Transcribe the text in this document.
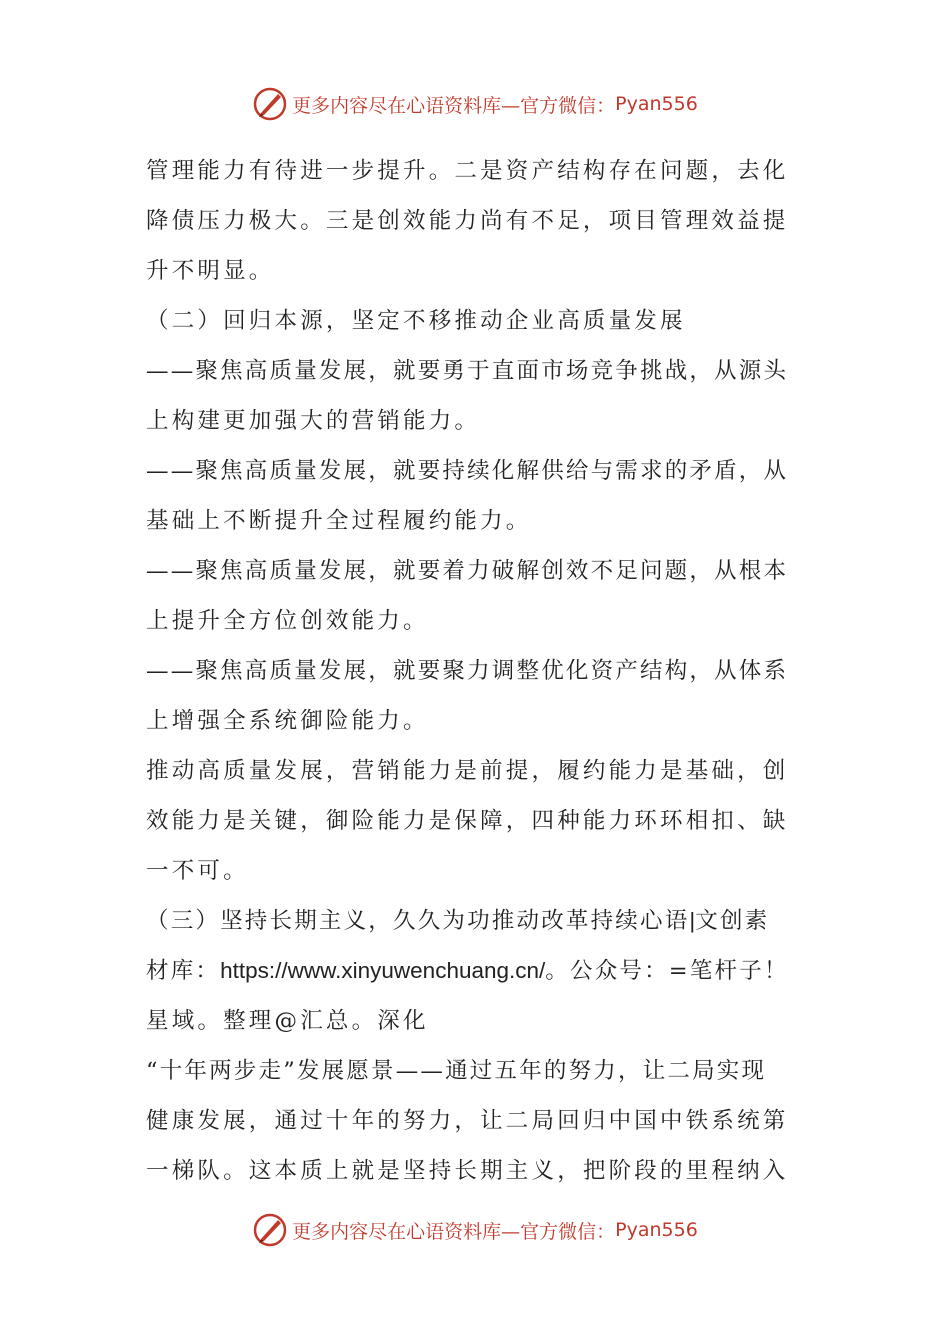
更多内容尽在心语资料库—官方微信： Pyan556
管理能力有待进一步提升。二是资产结构存在问题，去化
降债压力极大。三是创效能力尚有不足，项目管理效益提
升不明显。
（二）回归本源，坚定不移推动企业高质量发展
——聚焦高质量发展，就要勇于直面市场竞争挑战，从源头
上构建更加强大的营销能力。
——聚焦高质量发展，就要持续化解供给与需求的矛盾，从
基础上不断提升全过程履约能力。
——聚焦高质量发展，就要着力破解创效不足问题，从根本
上提升全方位创效能力。
——聚焦高质量发展，就要聚力调整优化资产结构，从体系
上增强全系统御险能力。
推动高质量发展，营销能力是前提，履约能力是基础，创
效能力是关键，御险能力是保障，四种能力环环相扣、缺
一不可。
（三）坚持长期主义，久久为功推动改革持续心语|文创素
材库：https://www.xinyuwenchuang.cn/。公众号：=笔杆子！
星域。整理@汇总。深化
“十年两步走”发展愿景——通过五年的努力，让二局实现
健康发展，通过十年的努力，让二局回归中国中铁系统第
一梯队。这本质上就是坚持长期主义，把阶段的里程纳入
更多内容尽在心语资料库—官方微信： Pyan556
